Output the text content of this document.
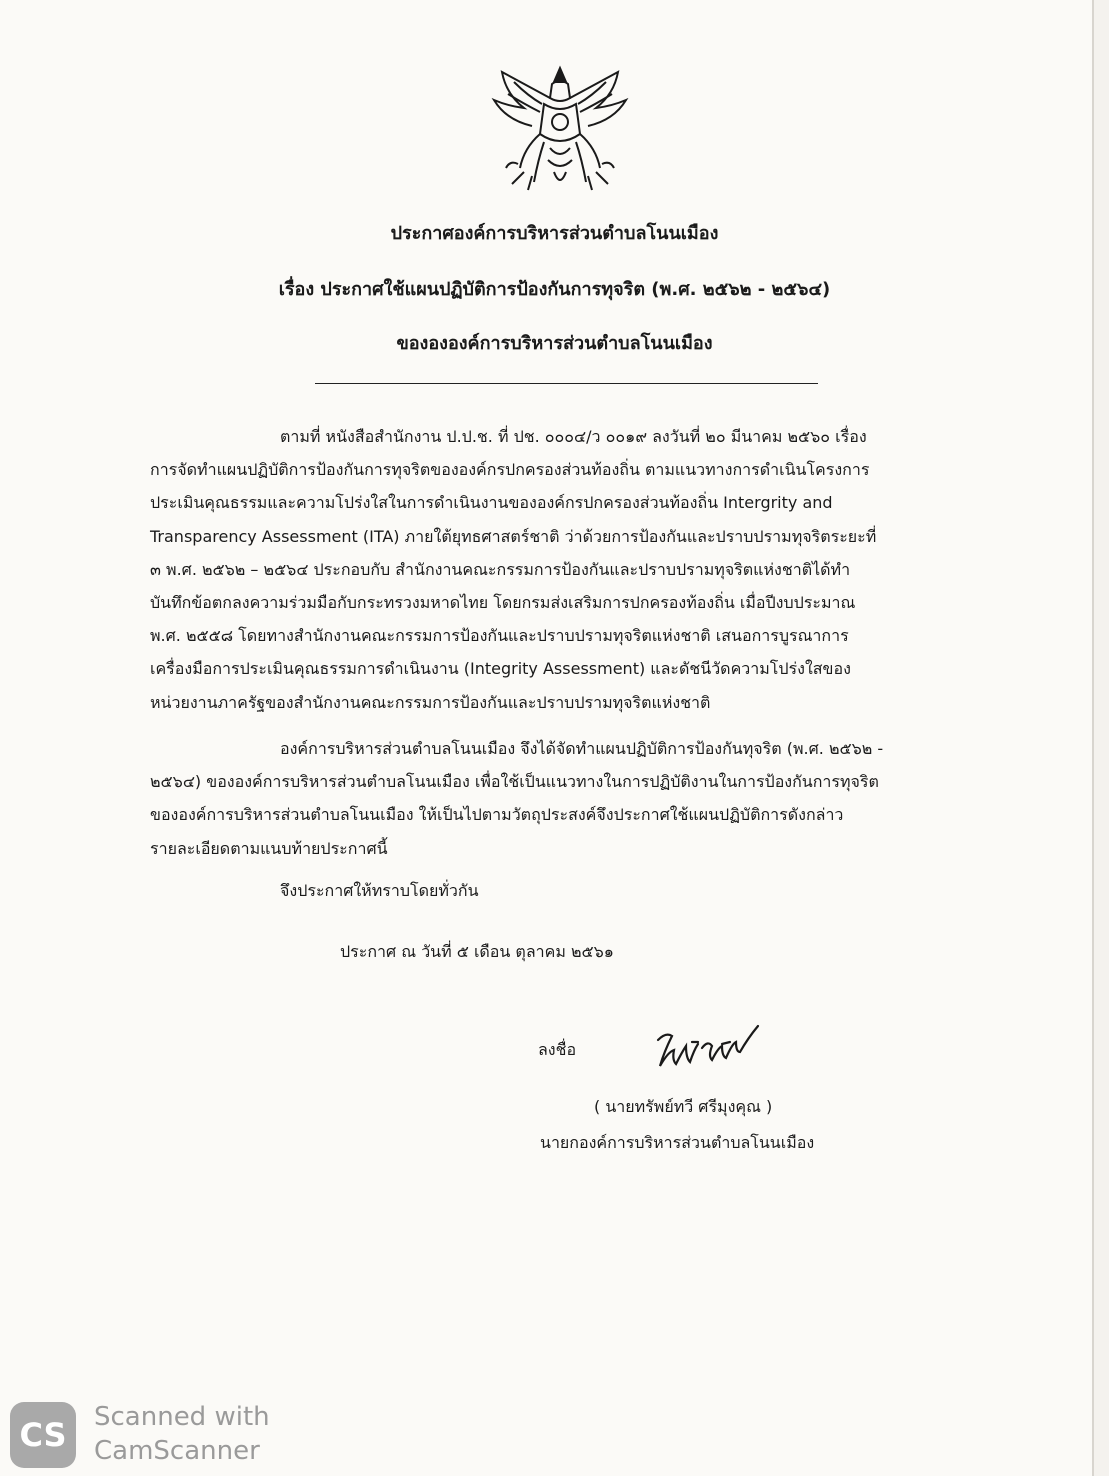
ประกาศองค์การบริหารส่วนตำบลโนนเมือง
เรื่อง ประกาศใช้แผนปฏิบัติการป้องกันการทุจริต (พ.ศ. ๒๕๖๒ - ๒๕๖๔)
ของององค์การบริหารส่วนตำบลโนนเมือง
ตามที่ หนังสือสำนักงาน ป.ป.ช. ที่ ปช. ๐๐๐๔/ว ๐๐๑๙ ลงวันที่ ๒๐ มีนาคม ๒๕๖๐ เรื่อง
การจัดทำแผนปฏิบัติการป้องกันการทุจริตขององค์กรปกครองส่วนท้องถิ่น ตามแนวทางการดำเนินโครงการ
ประเมินคุณธรรมและความโปร่งใสในการดำเนินงานขององค์กรปกครองส่วนท้องถิ่น Intergrity and
Transparency Assessment (ITA) ภายใต้ยุทธศาสตร์ชาติ ว่าด้วยการป้องกันและปราบปรามทุจริตระยะที่
๓ พ.ศ. ๒๕๖๒ – ๒๕๖๔ ประกอบกับ สำนักงานคณะกรรมการป้องกันและปราบปรามทุจริตแห่งชาติได้ทำ
บันทึกข้อตกลงความร่วมมือกับกระทรวงมหาดไทย โดยกรมส่งเสริมการปกครองท้องถิ่น เมื่อปีงบประมาณ
พ.ศ. ๒๕๕๘ โดยทางสำนักงานคณะกรรมการป้องกันและปราบปรามทุจริตแห่งชาติ เสนอการบูรณาการ
เครื่องมือการประเมินคุณธรรมการดำเนินงาน (Integrity Assessment) และดัชนีวัดความโปร่งใสของ
หน่วยงานภาครัฐของสำนักงานคณะกรรมการป้องกันและปราบปรามทุจริตแห่งชาติ
องค์การบริหารส่วนตำบลโนนเมือง จึงได้จัดทำแผนปฏิบัติการป้องกันทุจริต (พ.ศ. ๒๕๖๒ -
๒๕๖๔) ขององค์การบริหารส่วนตำบลโนนเมือง เพื่อใช้เป็นแนวทางในการปฏิบัติงานในการป้องกันการทุจริต
ขององค์การบริหารส่วนตำบลโนนเมือง ให้เป็นไปตามวัตถุประสงค์จึงประกาศใช้แผนปฏิบัติการดังกล่าว
รายละเอียดตามแนบท้ายประกาศนี้
จึงประกาศให้ทราบโดยทั่วกัน
ประกาศ ณ วันที่ ๕ เดือน ตุลาคม ๒๕๖๑
ลงชื่อ
( นายทรัพย์ทวี ศรีมุงคุณ )
นายกองค์การบริหารส่วนตำบลโนนเมือง
CS	Scanned with
CamScanner
